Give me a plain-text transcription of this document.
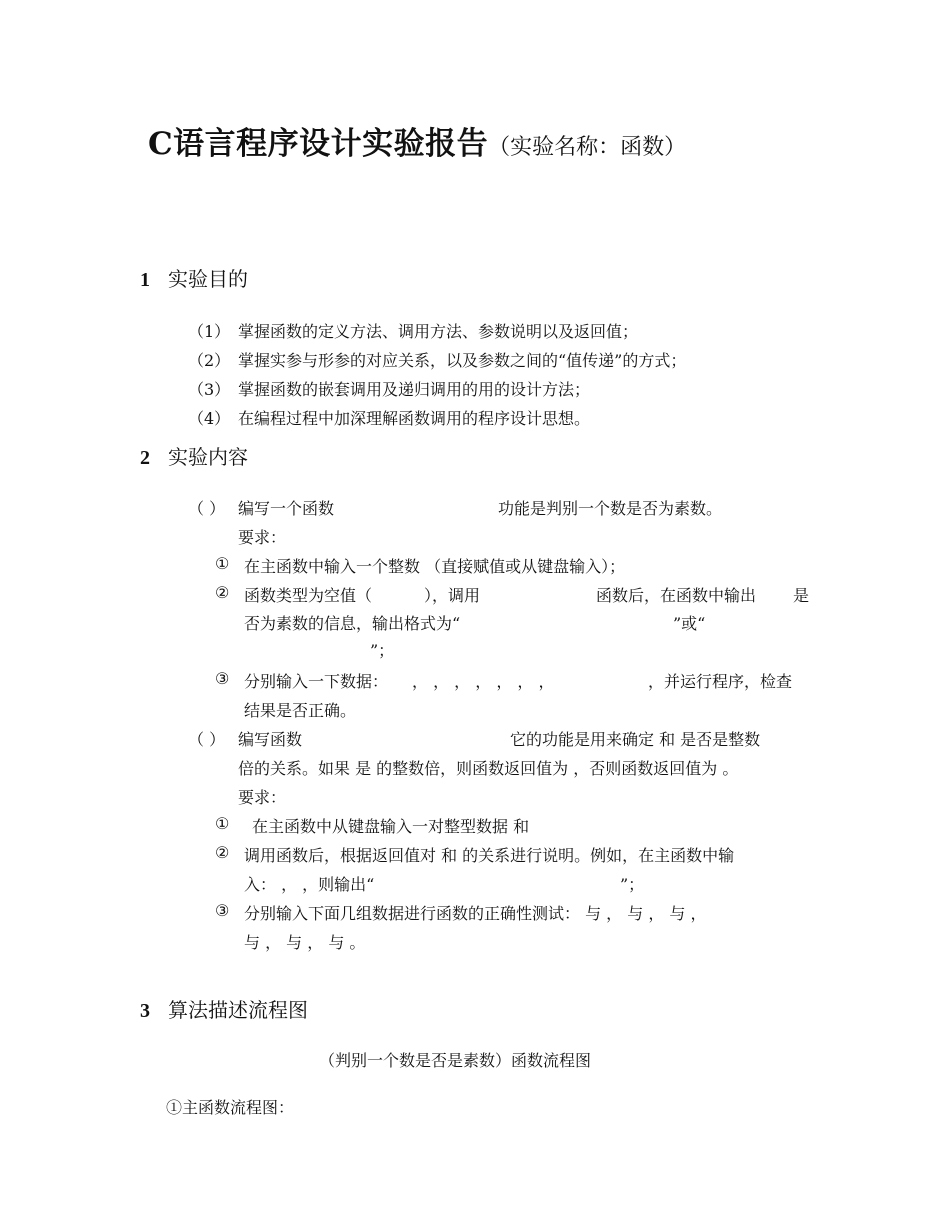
C语言程序设计实验报告（实验名称：函数）
1 实验目的
（1） 掌握函数的定义方法、调用方法、参数说明以及返回值；
（2） 掌握实参与形参的对应关系，以及参数之间的“值传递”的方式；
（3） 掌握函数的嵌套调用及递归调用的用的设计方法；
（4） 在编程过程中加深理解函数调用的程序设计思想。
2 实验内容
（ ） 编写一个函数	功能是判别一个数是否为素数。
要求：
① 在主函数中输入一个整数 （直接赋值或从键盘输入）；
② 函数类型为空值（	），调用	函数后，在函数中输出 是
否为素数的信息，输出格式为“	”或“
”；
③ 分别输入一下数据： ， ， ， ， ， ， ，	，并运行程序，检查
结果是否正确。
（ ） 编写函数	它的功能是用来确定 和 是否是整数
倍的关系。如果 是 的整数倍，则函数返回值为 ，否则函数返回值为 。
要求：
① 在主函数中从键盘输入一对整型数据 和
② 调用函数后，根据返回值对 和 的关系进行说明。例如，在主函数中输
入： ， ，则输出“	”；
③ 分别输入下面几组数据进行函数的正确性测试： 与 ， 与 ， 与 ，
与 ， 与 ， 与 。
3 算法描述流程图
（判别一个数是否是素数）函数流程图
①主函数流程图：
